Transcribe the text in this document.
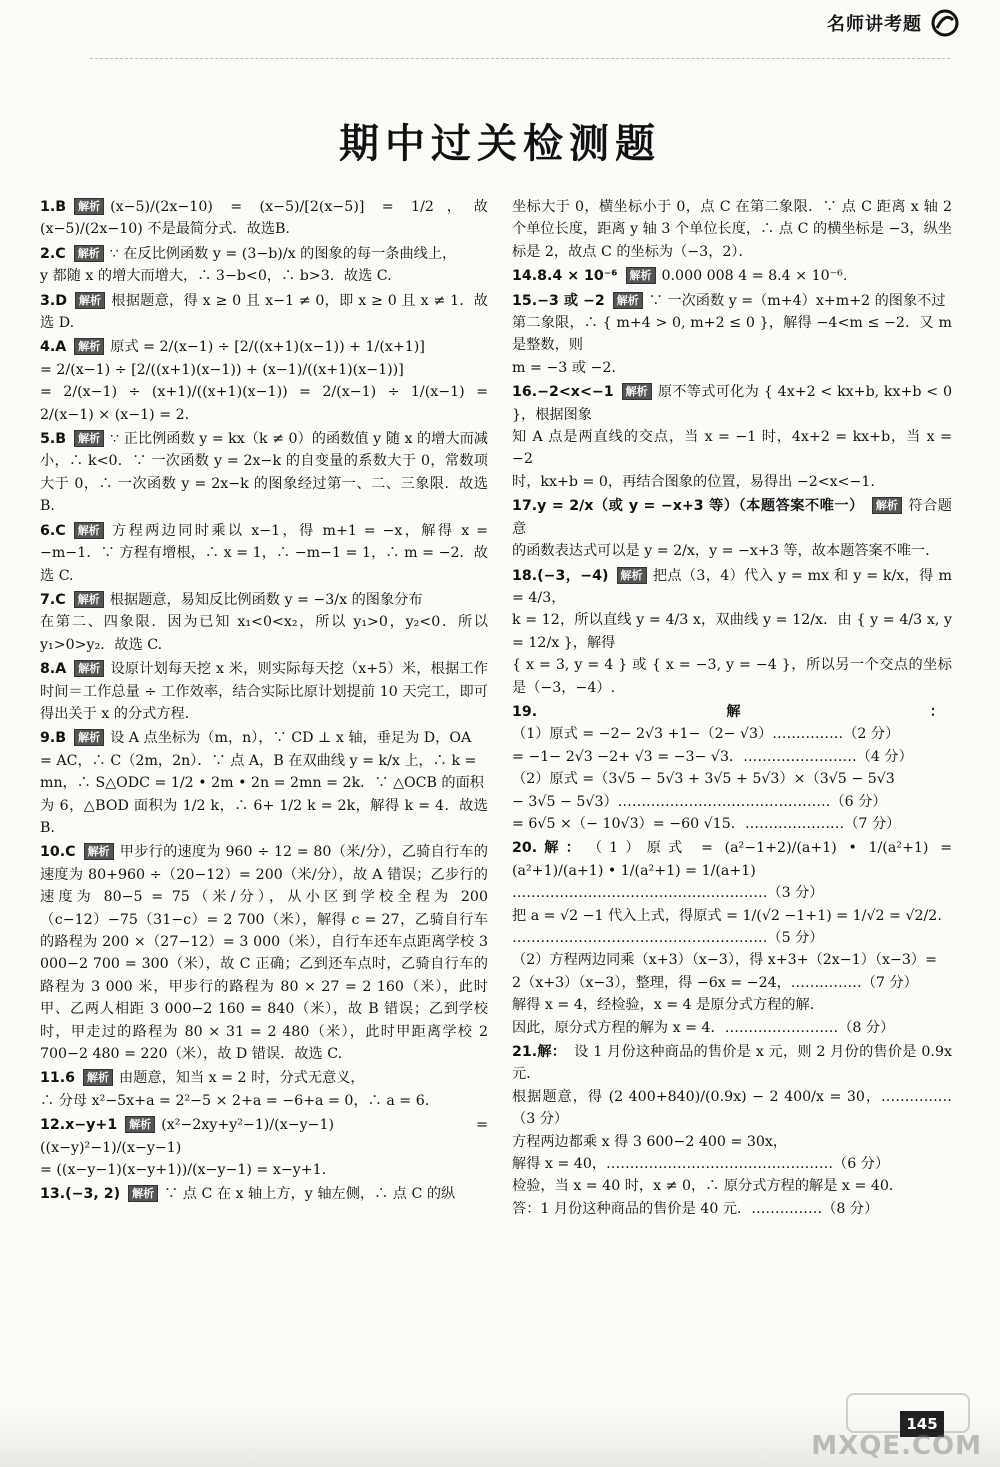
名师讲考题
期中过关检测题
1.B 解析 (x−5)/(2x−10) = (x−5)/[2(x−5)] = 1/2，故 (x−5)/(2x−10) 不是最简分式．故选B.
2.C 解析 ∵ 在反比例函数 y = (3−b)/x 的图象的每一条曲线上，
y 都随 x 的增大而增大，∴ 3−b<0，∴ b>3．故选 C.
3.D 解析 根据题意，得 x ≥ 0 且 x−1 ≠ 0，即 x ≥ 0 且 x ≠ 1．故选 D.
4.A 解析 原式 = 2/(x−1) ÷ [2/((x+1)(x−1)) + 1/(x+1)]
= 2/(x−1) ÷ [2/((x+1)(x−1)) + (x−1)/((x+1)(x−1))]
= 2/(x−1) ÷ (x+1)/((x+1)(x−1)) = 2/(x−1) ÷ 1/(x−1) = 2/(x−1) × (x−1) = 2.
5.B 解析 ∵ 正比例函数 y = kx（k ≠ 0）的函数值 y 随 x 的增大而减小，∴ k<0．∵ 一次函数 y = 2x−k 的自变量的系数大于 0，常数项大于 0，∴ 一次函数 y = 2x−k 的图象经过第一、二、三象限．故选 B.
6.C 解析 方程两边同时乘以 x−1，得 m+1 = −x，解得 x = −m−1．∵ 方程有增根，∴ x = 1，∴ −m−1 = 1，∴ m = −2．故选 C.
7.C 解析 根据题意，易知反比例函数 y = −3/x 的图象分布
在第二、四象限．因为已知 x₁<0<x₂，所以 y₁>0，y₂<0．所以 y₁>0>y₂．故选 C.
8.A 解析 设原计划每天挖 x 米，则实际每天挖（x+5）米，根据工作时间＝工作总量 ÷ 工作效率，结合实际比原计划提前 10 天完工，即可得出关于 x 的分式方程．
9.B 解析 设 A 点坐标为（m，n），∵ CD ⊥ x 轴，垂足为 D，OA
= AC，∴ C（2m，2n）．∵ 点 A，B 在双曲线 y = k/x 上，∴ k =
mn，∴ S△ODC = 1/2 • 2m • 2n = 2mn = 2k．∵ △OCB 的面积
为 6，△BOD 面积为 1/2 k，∴ 6+ 1/2 k = 2k，解得 k = 4．故选 B.
10.C 解析 甲步行的速度为 960 ÷ 12 = 80（米/分），乙骑自行车的速度为 80+960 ÷（20−12）= 200（米/分），故 A 错误；乙步行的速度为 80−5 = 75（米/分），从小区到学校全程为 200（c−12）−75（31−c）= 2 700（米），解得 c = 27，乙骑自行车的路程为 200 ×（27−12）= 3 000（米），自行车还车点距离学校 3 000−2 700 = 300（米），故 C 正确；乙到还车点时，乙骑自行车的路程为 3 000 米，甲步行的路程为 80 × 27 = 2 160（米），此时甲、乙两人相距 3 000−2 160 = 840（米），故 B 错误；乙到学校时，甲走过的路程为 80 × 31 = 2 480（米），此时甲距离学校 2 700−2 480 = 220（米），故 D 错误．故选 C.
11.6 解析 由题意，知当 x = 2 时，分式无意义，
∴ 分母 x²−5x+a = 2²−5 × 2+a = −6+a = 0，∴ a = 6.
12.x−y+1 解析 (x²−2xy+y²−1)/(x−y−1) = ((x−y)²−1)/(x−y−1)
= ((x−y−1)(x−y+1))/(x−y−1) = x−y+1.
13.(−3, 2) 解析 ∵ 点 C 在 x 轴上方，y 轴左侧，∴ 点 C 的纵
坐标大于 0，横坐标小于 0，点 C 在第二象限．∵ 点 C 距离 x 轴 2 个单位长度，距离 y 轴 3 个单位长度，∴ 点 C 的横坐标是 −3，纵坐标是 2，故点 C 的坐标为（−3，2）．
14.8.4 × 10⁻⁶ 解析 0.000 008 4 = 8.4 × 10⁻⁶.
15.−3 或 −2 解析 ∵ 一次函数 y =（m+4）x+m+2 的图象不过
第二象限，∴ { m+4 > 0, m+2 ≤ 0 }，解得 −4<m ≤ −2．又 m 是整数，则
m = −3 或 −2.
16.−2<x<−1 解析 原不等式可化为 { 4x+2 < kx+b, kx+b < 0 }，根据图象
知 A 点是两直线的交点，当 x = −1 时，4x+2 = kx+b，当 x = −2
时，kx+b = 0，再结合图象的位置，易得出 −2<x<−1.
17.y = 2/x（或 y = −x+3 等）（本题答案不唯一） 解析 符合题意
的函数表达式可以是 y = 2/x，y = −x+3 等，故本题答案不唯一．
18.(−3，−4) 解析 把点（3，4）代入 y = mx 和 y = k/x，得 m = 4/3，
k = 12，所以直线 y = 4/3 x，双曲线 y = 12/x．由 { y = 4/3 x, y = 12/x }，解得
{ x = 3, y = 4 } 或 { x = −3, y = −4 }，所以另一个交点的坐标是（−3，−4）.
19.解：（1）原式 = −2− 2√3 +1−（2− √3）……………（2 分）
= −1− 2√3 −2+ √3 = −3− √3．……………………（4 分）
（2）原式 =（3√5 − 5√3 + 3√5 + 5√3）×（3√5 − 5√3
− 3√5 − 5√3）………………………………………（6 分）
= 6√5 ×（− 10√3）= −60 √15．…………………（7 分）
20.解： （1）原式 = (a²−1+2)/(a+1) • 1/(a²+1) = (a²+1)/(a+1) • 1/(a²+1) = 1/(a+1)
………………………………………………（3 分）
把 a = √2 −1 代入上式，得原式 = 1/(√2 −1+1) = 1/√2 = √2/2.
………………………………………………（5 分）
（2）方程两边同乘（x+3）（x−3），得 x+3+（2x−1）（x−3）=
2（x+3）（x−3），整理，得 −6x = −24，……………（7 分）
解得 x = 4，经检验，x = 4 是原分式方程的解．
因此，原分式方程的解为 x = 4．……………………（8 分）
21.解： 设 1 月份这种商品的售价是 x 元，则 2 月份的售价是 0.9x 元．
根据题意，得 (2 400+840)/(0.9x) − 2 400/x = 30，……………（3 分）
方程两边都乘 x 得 3 600−2 400 = 30x，
解得 x = 40，…………………………………………（6 分）
检验，当 x = 40 时，x ≠ 0，∴ 原分式方程的解是 x = 40．
答：1 月份这种商品的售价是 40 元．……………（8 分）
145
MXQE.COM
